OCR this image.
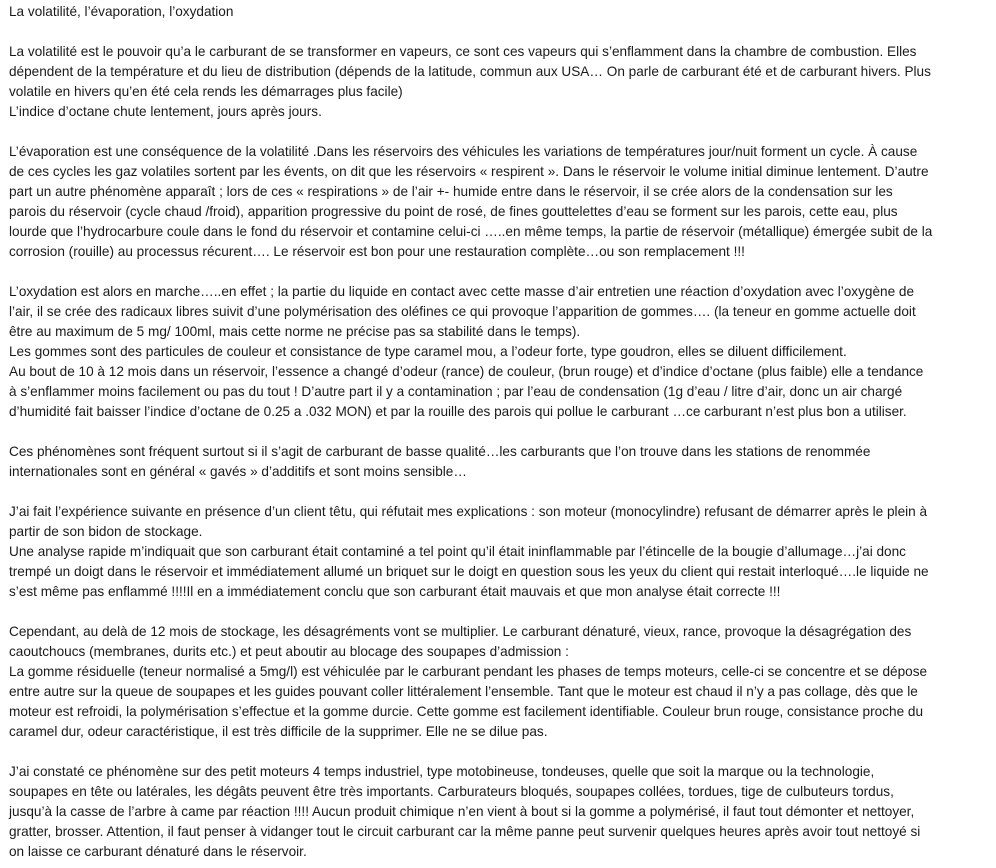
La volatilité, l’évaporation, l’oxydation
La volatilité est le pouvoir qu’a le carburant de se transformer en vapeurs, ce sont ces vapeurs qui s’enflamment dans la chambre de combustion. Elles
dépendent de la température et du lieu de distribution (dépends de la latitude, commun aux USA… On parle de carburant été et de carburant hivers. Plus
volatile en hivers qu’en été cela rends les démarrages plus facile)
L’indice d’octane chute lentement, jours après jours.
L’évaporation est une conséquence de la volatilité .Dans les réservoirs des véhicules les variations de températures jour/nuit forment un cycle. À cause
de ces cycles les gaz volatiles sortent par les évents, on dit que les réservoirs « respirent ». Dans le réservoir le volume initial diminue lentement. D’autre
part un autre phénomène apparaît ; lors de ces « respirations » de l’air +- humide entre dans le réservoir, il se crée alors de la condensation sur les
parois du réservoir (cycle chaud /froid), apparition progressive du point de rosé, de fines gouttelettes d’eau se forment sur les parois, cette eau, plus
lourde que l’hydrocarbure coule dans le fond du réservoir et contamine celui-ci …..en même temps, la partie de réservoir (métallique) émergée subit de la
corrosion (rouille) au processus récurent…. Le réservoir est bon pour une restauration complète…ou son remplacement !!!
L’oxydation est alors en marche…..en effet ; la partie du liquide en contact avec cette masse d’air entretien une réaction d’oxydation avec l’oxygène de
l’air, il se crée des radicaux libres suivit d’une polymérisation des oléfines ce qui provoque l’apparition de gommes…. (la teneur en gomme actuelle doit
être au maximum de 5 mg/ 100ml, mais cette norme ne précise pas sa stabilité dans le temps).
Les gommes sont des particules de couleur et consistance de type caramel mou, a l’odeur forte, type goudron, elles se diluent difficilement.
Au bout de 10 à 12 mois dans un réservoir, l’essence a changé d’odeur (rance) de couleur, (brun rouge) et d’indice d’octane (plus faible) elle a tendance
à s’enflammer moins facilement ou pas du tout ! D’autre part il y a contamination ; par l’eau de condensation (1g d’eau / litre d’air, donc un air chargé
d’humidité fait baisser l’indice d’octane de 0.25 a .032 MON) et par la rouille des parois qui pollue le carburant …ce carburant n’est plus bon a utiliser.
Ces phénomènes sont fréquent surtout si il s’agit de carburant de basse qualité…les carburants que l’on trouve dans les stations de renommée
internationales sont en général « gavés » d’additifs et sont moins sensible…
J’ai fait l’expérience suivante en présence d’un client têtu, qui réfutait mes explications : son moteur (monocylindre) refusant de démarrer après le plein à
partir de son bidon de stockage.
Une analyse rapide m’indiquait que son carburant était contaminé a tel point qu’il était ininflammable par l’étincelle de la bougie d’allumage…j’ai donc
trempé un doigt dans le réservoir et immédiatement allumé un briquet sur le doigt en question sous les yeux du client qui restait interloqué….le liquide ne
s’est même pas enflammé !!!!Il en a immédiatement conclu que son carburant était mauvais et que mon analyse était correcte !!!
Cependant, au delà de 12 mois de stockage, les désagréments vont se multiplier. Le carburant dénaturé, vieux, rance, provoque la désagrégation des
caoutchoucs (membranes, durits etc.) et peut aboutir au blocage des soupapes d’admission :
La gomme résiduelle (teneur normalisé a 5mg/l) est véhiculée par le carburant pendant les phases de temps moteurs, celle-ci se concentre et se dépose
entre autre sur la queue de soupapes et les guides pouvant coller littéralement l’ensemble. Tant que le moteur est chaud il n’y a pas collage, dès que le
moteur est refroidi, la polymérisation s’effectue et la gomme durcie. Cette gomme est facilement identifiable. Couleur brun rouge, consistance proche du
caramel dur, odeur caractéristique, il est très difficile de la supprimer. Elle ne se dilue pas.
J’ai constaté ce phénomène sur des petit moteurs 4 temps industriel, type motobineuse, tondeuses, quelle que soit la marque ou la technologie,
soupapes en tête ou latérales, les dégâts peuvent être très importants. Carburateurs bloqués, soupapes collées, tordues, tige de culbuteurs tordus,
jusqu’à la casse de l’arbre à came par réaction !!!! Aucun produit chimique n’en vient à bout si la gomme a polymérisé, il faut tout démonter et nettoyer,
gratter, brosser. Attention, il faut penser à vidanger tout le circuit carburant car la même panne peut survenir quelques heures après avoir tout nettoyé si
on laisse ce carburant dénaturé dans le réservoir.
